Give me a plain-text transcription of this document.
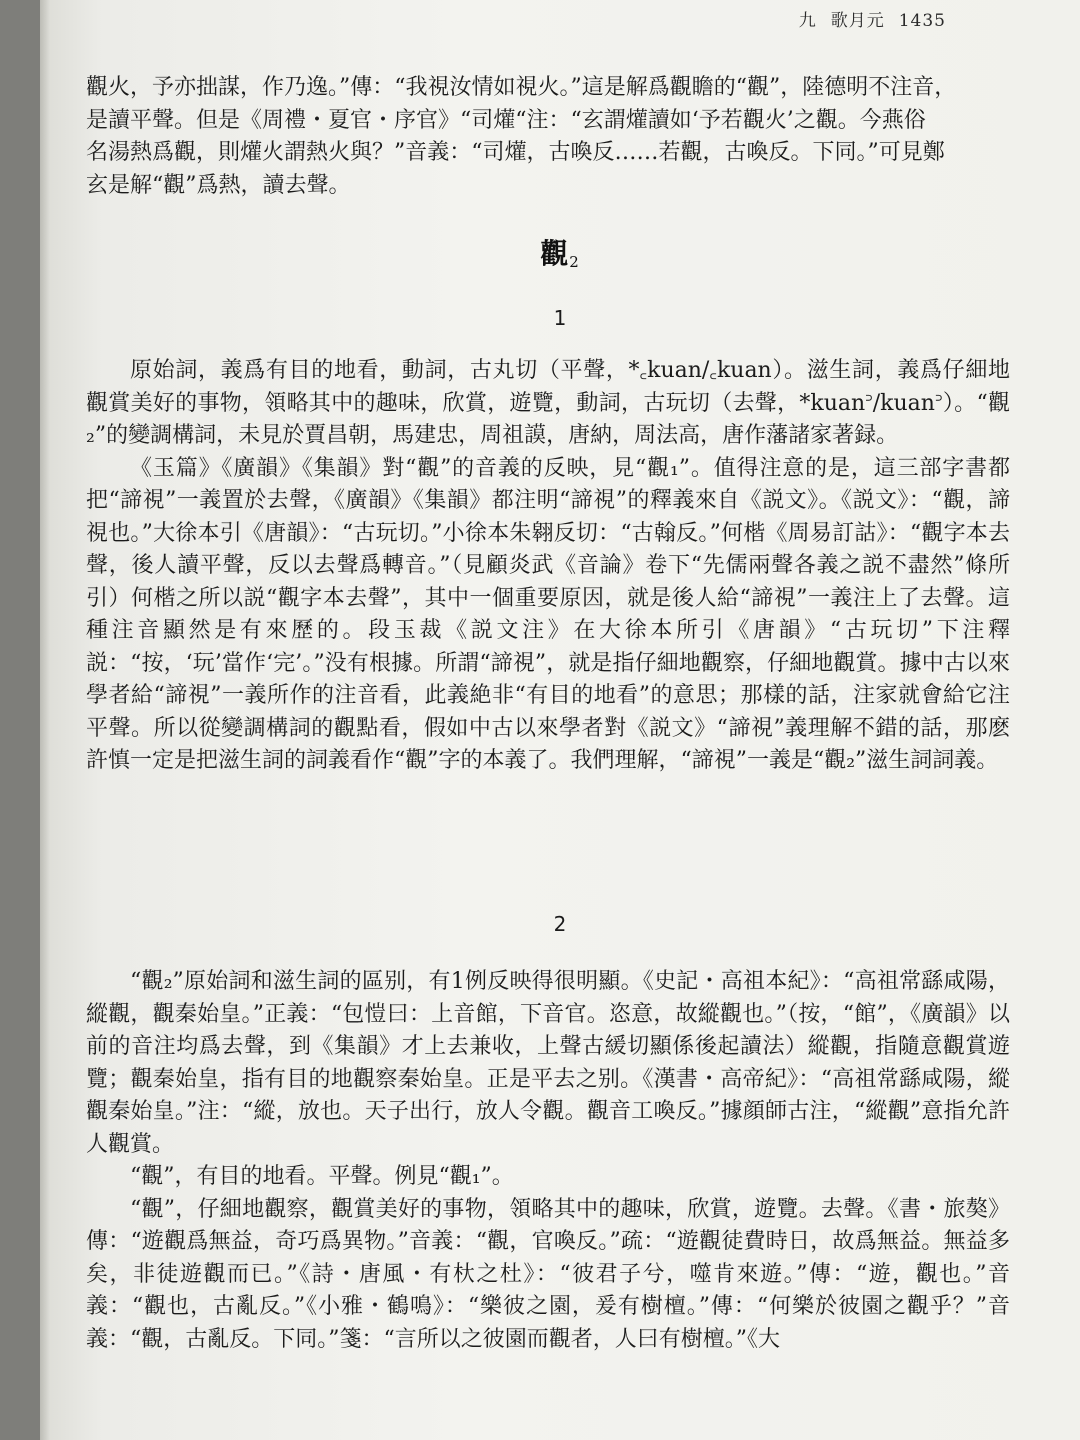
九 歌月元 1435

觀火，予亦拙謀，作乃逸。”傳：“我視汝情如視火。”這是解爲觀瞻的“觀”，陸德明不注音，

是讀平聲。但是《周禮・夏官・序官》“司爟“注：“玄謂爟讀如‘予若觀火’之觀。今燕俗

名湯熱爲觀，則爟火謂熱火與？”音義：“司爟，古喚反……若觀，古喚反。下同。”可見鄭

玄是解“觀”爲熱，讀去聲。

觀$_2$
1

原始詞，義爲有目的地看，動詞，古丸切（平聲，*꜀kuan/꜀kuan）。滋生詞，義爲仔細地觀賞美好的事物，領略其中的趣味，欣賞，遊覽，動詞，古玩切（去聲，*kuan꜄/kuan꜄）。“觀₂”的變調構詞，未見於賈昌朝，馬建忠，周祖謨，唐納，周法高，唐作藩諸家著録。

《玉篇》《廣韻》《集韻》對“觀”的音義的反映，見“觀₁”。值得注意的是，這三部字書都把“諦視”一義置於去聲，《廣韻》《集韻》都注明“諦視”的釋義來自《説文》。《説文》：“觀，諦視也。”大徐本引《唐韻》：“古玩切。”小徐本朱翱反切：“古翰反。”何楷《周易訂詁》：“觀字本去聲，後人讀平聲，反以去聲爲轉音。”（見顧炎武《音論》卷下“先儒兩聲各義之説不盡然”條所引）何楷之所以説“觀字本去聲”，其中一個重要原因，就是後人給“諦視”一義注上了去聲。這種注音顯然是有來歷的。段玉裁《説文注》在大徐本所引《唐韻》“古玩切”下注釋説：“按，‘玩’當作‘完’。”没有根據。所謂“諦視”，就是指仔細地觀察，仔細地觀賞。據中古以來學者給“諦視”一義所作的注音看，此義絶非“有目的地看”的意思；那樣的話，注家就會給它注平聲。所以從變調構詞的觀點看，假如中古以來學者對《説文》“諦視”義理解不錯的話，那麽許慎一定是把滋生詞的詞義看作“觀”字的本義了。我們理解，“諦視”一義是“觀₂”滋生詞詞義。

2

“觀₂”原始詞和滋生詞的區别，有1例反映得很明顯。《史記・高祖本紀》：“高祖常繇咸陽，縱觀，觀秦始皇。”正義：“包愷曰：上音館，下音官。恣意，故縱觀也。”（按，“館”，《廣韻》以前的音注均爲去聲，到《集韻》才上去兼收，上聲古緩切顯係後起讀法）縱觀，指隨意觀賞遊覽；觀秦始皇，指有目的地觀察秦始皇。正是平去之别。《漢書・高帝紀》：“高祖常繇咸陽，縱觀秦始皇。”注：“縱，放也。天子出行，放人令觀。觀音工喚反。”據顔師古注，“縱觀”意指允許人觀賞。

“觀”，有目的地看。平聲。例見“觀₁”。

“觀”，仔細地觀察，觀賞美好的事物，領略其中的趣味，欣賞，遊覽。去聲。《書・旅獒》傳：“遊觀爲無益，奇巧爲異物。”音義：“觀，官喚反。”疏：“遊觀徒費時日，故爲無益。無益多矣，非徒遊觀而已。”《詩・唐風・有杕之杜》：“彼君子兮，噬肯來遊。”傳：“遊，觀也。”音義：“觀也，古亂反。”《小雅・鶴鳴》：“樂彼之園，爰有樹檀。”傳：“何樂於彼園之觀乎？”音義：“觀，古亂反。下同。”箋：“言所以之彼園而觀者，人曰有樹檀。”《大
